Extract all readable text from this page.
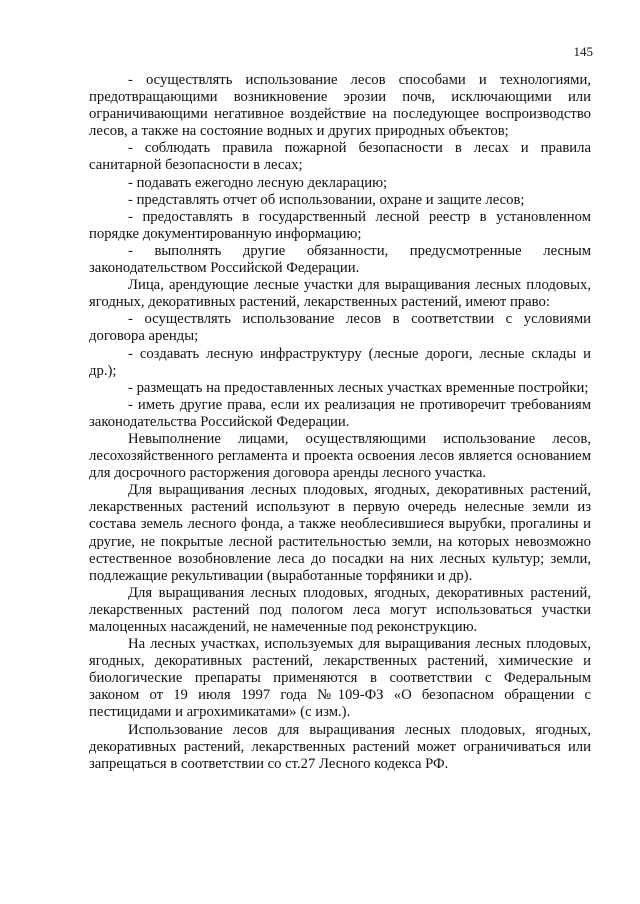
145

- осуществлять использование лесов способами и технологиями, предотвращающими возникновение эрозии почв, исключающими или ограничивающими негативное воздействие на последующее воспроизводство лесов, а также на состояние водных и других природных объектов;

- соблюдать правила пожарной безопасности в лесах и правила санитарной безопасности в лесах;

- подавать ежегодно лесную декларацию;

- представлять отчет об использовании, охране и защите лесов;

- предоставлять в государственный лесной реестр в установленном порядке документированную информацию;

- выполнять другие обязанности, предусмотренные лесным законодательством Российской Федерации.

Лица, арендующие лесные участки для выращивания лесных плодовых, ягодных, декоративных растений, лекарственных растений, имеют право:

- осуществлять использование лесов в соответствии с условиями договора аренды;

- создавать лесную инфраструктуру (лесные дороги, лесные склады и др.);

- размещать на предоставленных лесных участках временные постройки;

- иметь другие права, если их реализация не противоречит требованиям законодательства Российской Федерации.

Невыполнение лицами, осуществляющими использование лесов, лесохозяйственного регламента и проекта освоения лесов является основанием для досрочного расторжения договора аренды лесного участка.

Для выращивания лесных плодовых, ягодных, декоративных растений, лекарственных растений используют в первую очередь нелесные земли из состава земель лесного фонда, а также необлесившиеся вырубки, прогалины и другие, не покрытые лесной растительностью земли, на которых невозможно естественное возобновление леса до посадки на них лесных культур; земли, подлежащие рекультивации (выработанные торфяники и др).

Для выращивания лесных плодовых, ягодных, декоративных растений, лекарственных растений под пологом леса могут использоваться участки малоценных насаждений, не намеченные под реконструкцию.

На лесных участках, используемых для выращивания лесных плодовых, ягодных, декоративных растений, лекарственных растений, химические и биологические препараты применяются в соответствии с Федеральным законом от 19 июля 1997 года №109-ФЗ «О безопасном обращении с пестицидами и агрохимикатами» (с изм.).

Использование лесов для выращивания лесных плодовых, ягодных, декоративных растений, лекарственных растений может ограничиваться или запрещаться в соответствии со ст.27 Лесного кодекса РФ.
